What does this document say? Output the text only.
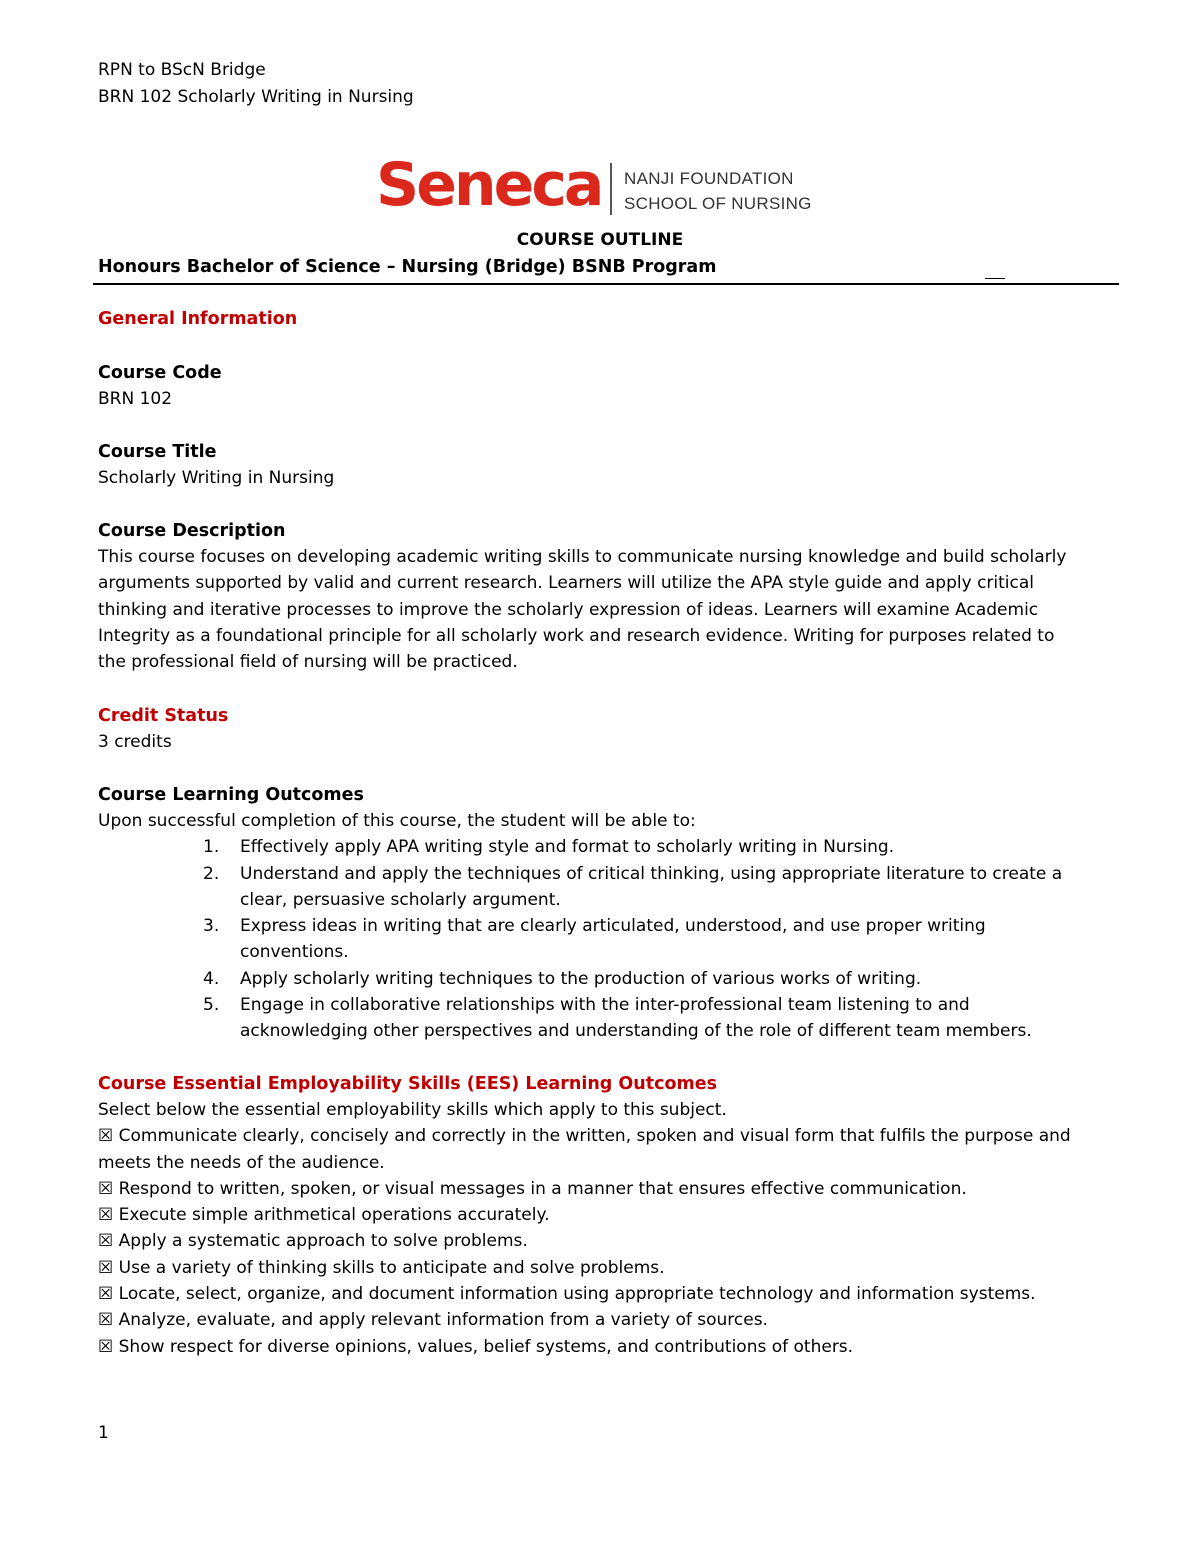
RPN to BScN Bridge
BRN 102 Scholarly Writing in Nursing
Seneca NANJI FOUNDATION
SCHOOL OF NURSING
COURSE OUTLINE
Honours Bachelor of Science – Nursing (Bridge) BSNB Program

General Information

Course Code

BRN 102

Course Title

Scholarly Writing in Nursing

Course Description

This course focuses on developing academic writing skills to communicate nursing knowledge and build scholarly

arguments supported by valid and current research. Learners will utilize the APA style guide and apply critical

thinking and iterative processes to improve the scholarly expression of ideas. Learners will examine Academic

Integrity as a foundational principle for all scholarly work and research evidence. Writing for purposes related to

the professional field of nursing will be practiced.

Credit Status

3 credits

Course Learning Outcomes

Upon successful completion of this course, the student will be able to:

1. Effectively apply APA writing style and format to scholarly writing in Nursing.
2. Understand and apply the techniques of critical thinking, using appropriate literature to create a
clear, persuasive scholarly argument.
3. Express ideas in writing that are clearly articulated, understood, and use proper writing
conventions.
4. Apply scholarly writing techniques to the production of various works of writing.
5. Engage in collaborative relationships with the inter-professional team listening to and
acknowledging other perspectives and understanding of the role of different team members.

Course Essential Employability Skills (EES) Learning Outcomes

Select below the essential employability skills which apply to this subject.

☒ Communicate clearly, concisely and correctly in the written, spoken and visual form that fulfils the purpose and

meets the needs of the audience.

☒ Respond to written, spoken, or visual messages in a manner that ensures effective communication.

☒ Execute simple arithmetical operations accurately.

☒ Apply a systematic approach to solve problems.

☒ Use a variety of thinking skills to anticipate and solve problems.

☒ Locate, select, organize, and document information using appropriate technology and information systems.

☒ Analyze, evaluate, and apply relevant information from a variety of sources.

☒ Show respect for diverse opinions, values, belief systems, and contributions of others.

1
